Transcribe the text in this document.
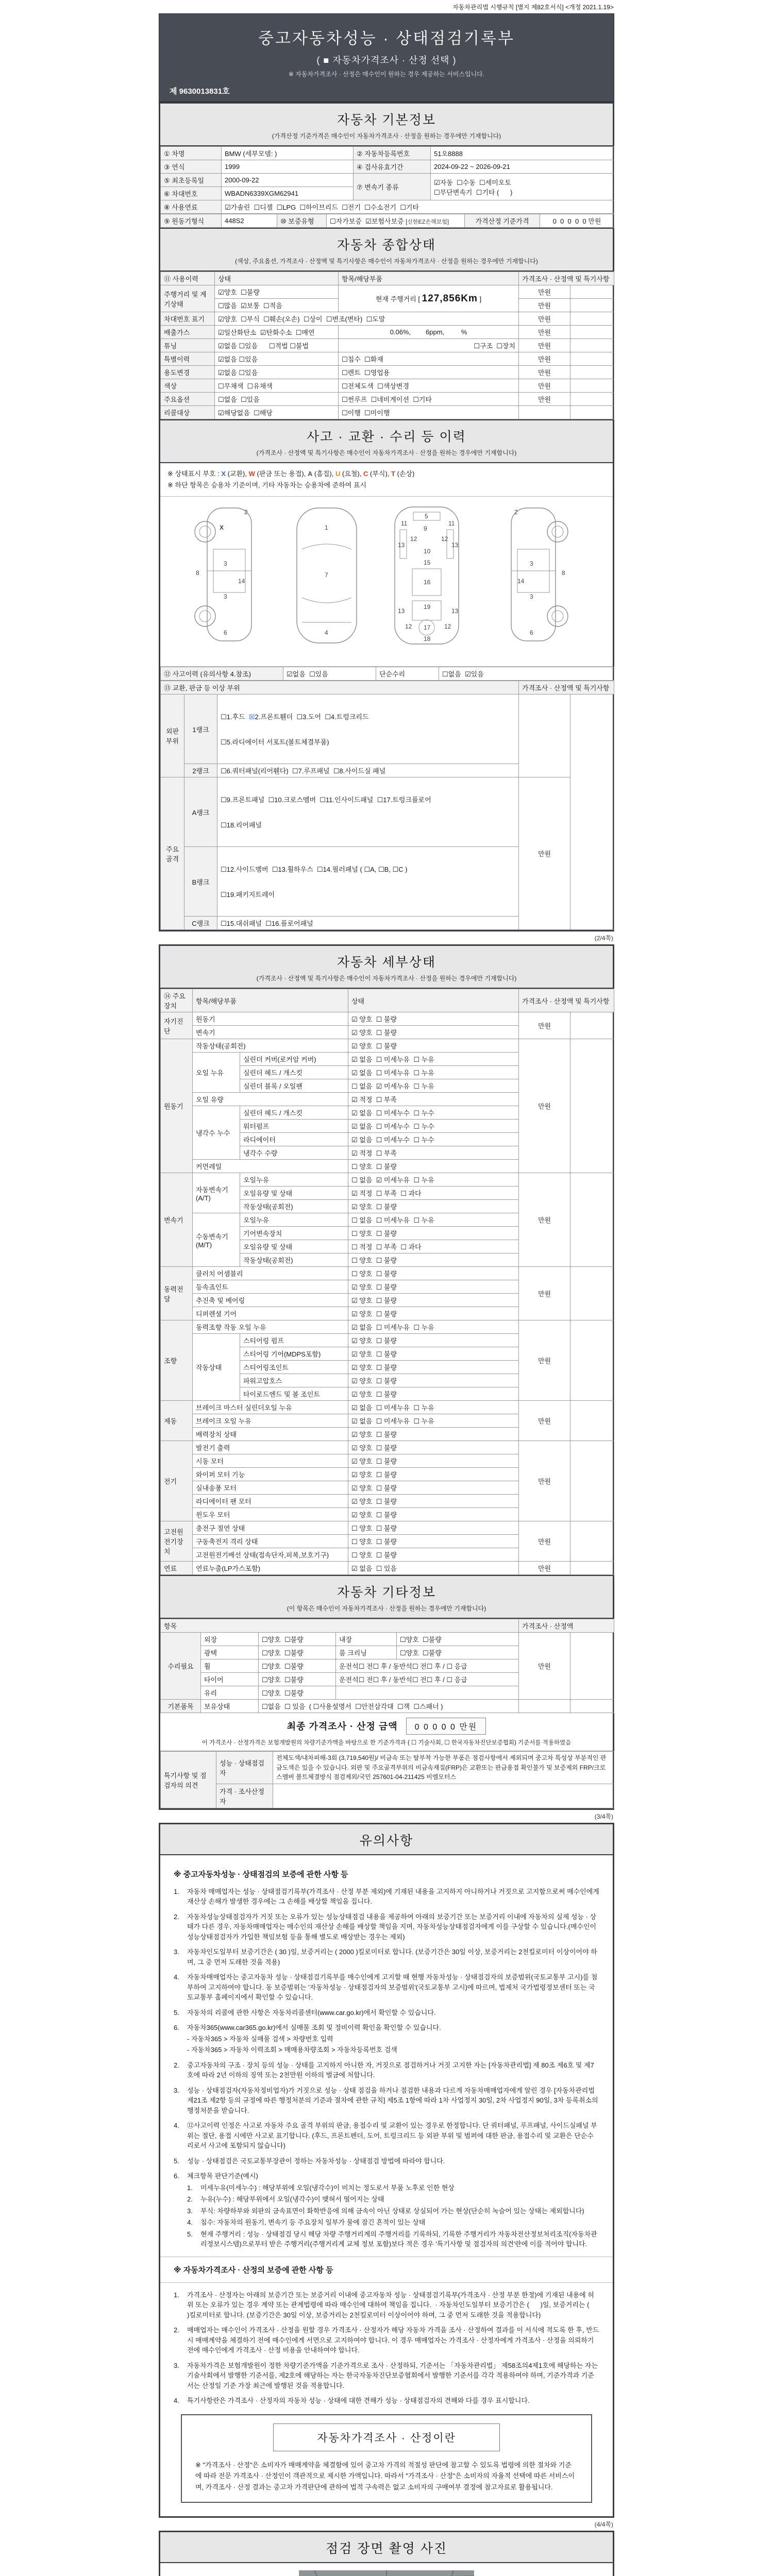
자동차관리법 시행규칙 [별지 제82호서식] <개정 2021.1.19>
중고자동차성능 · 상태점검기록부
( ■ 자동차가격조사 · 산정 선택 )
※ 자동차가격조사 · 산정은 매수인이 원하는 경우 제공하는 서비스입니다.
제 9630013831호
자동차 기본정보
(가격산정 기준가격은 매수인이 자동차가격조사 · 산정을 원하는 경우에만 기재합니다)
① 차명	BMW (세부모델: )	② 자동차등록번호	51오8888
③ 연식	1999	④ 검사유효기간	2024-09-22 ~ 2026-09-21
⑤ 최초등록일	2000-09-22	⑦ 변속기 종류	☑자동  ☐수동  ☐세미오토
☐무단변속기  ☐기타 (      )

⑥ 차대번호	WBADN6339XGM62941		
⑧ 사용연료	☑가솔린  ☐디젤  ☐LPG  ☐하이브리드  ☐전기  ☐수소전기  ☐기타		
⑨ 원동기형식	448S2	⑩ 보증유형	☐자가보증  ☑보험사보증 [신한EZ손해보험]	가격산정 기준가격	0  0  0  0  0 만원
자동차 종합상태
(색상, 주요옵션, 가격조사 · 산정액 및 특기사항은 매수인이 자동차가격조사 · 산정을 원하는 경우에만 기재합니다)
⑪ 사용이력	상태	항목/해당부품	가격조사 · 산정액 및 특기사항	
주행거리 및 계기상태	☑양호  ☐불량	현재 주행거리 [ 127,856Km ]	만원	
	☐많음  ☑보통  ☐적음		만원	
차대번호 표기	☑양호  ☐부식  ☐훼손(오손)  ☐상이  ☐변조(변타)  ☐도말		만원	
배출가스	☑일산화탄소  ☑탄화수소  ☐매연	0.06%,        6ppm,         %	만원	
튜닝	☑없음 ☐있음      ☐적법 ☐불법	☐구조  ☐장치	만원	
특별이력	☑없음 ☐있음	☐침수  ☐화재	만원	
용도변경	☑없음 ☐있음	☐렌트  ☐영업용	만원	
색상	☐무채색  ☐유채색	☐전체도색  ☐색상변경	만원	
주요옵션	☐없음  ☐있음	☐썬루프  ☐네비게이션  ☐기타	만원	
리콜대상	☑해당없음  ☐해당	☐이행  ☐미이행		
사고 · 교환 · 수리 등 이력
(가격조사 · 산정액 및 특기사항은 매수인이 자동차가격조사 · 산정을 원하는 경우에만 기재합니다)
※ 상태표시 부호 : X (교환), W (판금 또는 용접), A (흠집), U (요철), C (부식), T (손상)
※ 하단 항목은 승용차 기준이며, 기타 자동차는 승용차에 준하여 표시
X
2
8
3
3
14
6
1
7
4
5
9
11	11
13
12	12
13
10
15
16
13
19
13
12 17 12
18
2
8
3
3
14
6
⑫ 사고이력 (유의사항 4.참조)	☑없음  ☐있음	단순수리	☐없음  ☑있음
⑬ 교환, 판금 등 이상 부위			가격조사 · 산정액 및 특기사항	
외판부위	1랭크	☐1.후드  ☒2.프론트휀더  ☐3.도어  ☐4.트렁크리드

☐5.라디에이터 서포트(볼트체결부품)		

	2랭크	☐6.쿼터패널(리어휀다)  ☐7.루프패널  ☐8.사이드실 패널		
주요골격	A랭크	☐9.프론트패널  ☐10.크로스멤버  ☐11.인사이드패널  ☐17.트렁크플로어

☐18.리어패널	만원	
	B랭크	☐12.사이드멤버  ☐13.휠하우스  ☐14.필러패널 ( ☐A, ☐B, ☐C )

☐19.패키지트레이		

	C랭크	☐15.대쉬패널  ☐16.플로어패널		
(2/4쪽)
자동차 세부상태
(가격조사 · 산정액 및 특기사항은 매수인이 자동차가격조사 · 산정을 원하는 경우에만 기재합니다)
⑭ 주요장치	항목/해당부품		상태	가격조사 · 산정액 및 특기사항	
자기진단	원동기		☑ 양호  ☐ 불량	만원	
	변속기		☑ 양호  ☐ 불량		
원동기	작동상태(공회전)		☑ 양호  ☐ 불량	만원	
	오일 누유	실린더 커버(로커암 커버)	☑ 없음  ☐ 미세누유  ☐ 누유		
		실린더 헤드 / 개스킷	☑ 없음  ☐ 미세누유  ☐ 누유		
		실린더 블록 / 오일팬	☐ 없음  ☑ 미세누유  ☐ 누유		
	오일 유량		☑ 적정  ☐ 부족		
	냉각수 누수	실린더 헤드 / 개스킷	☑ 없음  ☐ 미세누수  ☐ 누수		
		워터펌프	☑ 없음  ☐ 미세누수  ☐ 누수		
		라디에이터	☑ 없음  ☐ 미세누수  ☐ 누수		
		냉각수 수량	☑ 적정  ☐ 부족		
	커먼레일		☐ 양호  ☐ 불량		
변속기	자동변속기 (A/T)	오일누유	☐ 없음  ☑ 미세누유  ☐ 누유	만원	
		오일유량 및 상태	☑ 적정  ☐ 부족  ☐ 과다		
		작동상태(공회전)	☑ 양호  ☐ 불량		
	수동변속기 (M/T)	오일누유	☐ 없음  ☐ 미세누유  ☐ 누유		
		기어변속장치	☐ 양호  ☐ 불량		
		오일유량 및 상태	☐ 적정  ☐ 부족  ☐ 과다		
		작동상태(공회전)	☐ 양호  ☐ 불량		
동력전달	클러치 어셈블리		☐ 양호  ☐ 불량	만원	
	등속죠인트		☑ 양호  ☐ 불량		
	추진축 및 베어링		☑ 양호  ☐ 불량		
	디퍼렌셜 기어		☑ 양호  ☐ 불량		
조향	동력조향 작동 오일 누유		☑ 없음  ☐ 미세누유  ☐ 누유	만원	
	작동상태	스티어링 펌프	☑ 양호  ☐ 불량		
		스티어링 기어(MDPS포함)	☑ 양호  ☐ 불량		
		스티어링조인트	☑ 양호  ☐ 불량		
		파워고압호스	☑ 양호  ☐ 불량		
		타이로드엔드 및 볼 조인트	☑ 양호  ☐ 불량		
제동	브레이크 마스터 실린더오일 누유		☑ 없음  ☐ 미세누유  ☐ 누유	만원	
	브레이크 오일 누유		☑ 없음  ☐ 미세누유  ☐ 누유		
	배력장치 상태		☑ 양호  ☐ 불량		
전기	발전기 출력		☑ 양호  ☐ 불량	만원	
	시동 모터		☑ 양호  ☐ 불량		
	와이퍼 모터 기능		☑ 양호  ☐ 불량		
	실내송풍 모터		☑ 양호  ☐ 불량		
	라디에이터 팬 모터		☑ 양호  ☐ 불량		
	윈도우 모터		☑ 양호  ☐ 불량		
고전원 전기장치	충전구 절연 상태		☐ 양호  ☐ 불량	만원	
	구동축전지 격리 상태		☐ 양호  ☐ 불량		
	고전원전기배선 상태(접속단자,피복,보호기구)		☐ 양호  ☐ 불량		
연료	연료누출(LP가스포함)		☑ 없음  ☐ 있음	만원	
자동차 기타정보
(이 항목은 매수인이 자동차가격조사 · 산정을 원하는 경우에만 기재합니다)
항목					가격조사 · 산정액	
수리필요	외장	☐양호  ☐불량	내장	☐양호  ☐불량	만원	
	광택	☐양호  ☐불량	룸 크리닝	☐양호  ☐불량		
	휠	☐양호  ☐불량	운전석☐ 전☐ 후 / 동반석☐ 전☐ 후 / ☐ 응급			
	타이어	☐양호  ☐불량	운전석☐ 전☐ 후 / 동반석☐ 전☐ 후 / ☐ 응급			
	유리	☐양호  ☐불량				
기본품목	보유상태	☐없음  ☐ 있음  ( ☐사용설명서  ☐안전삼각대  ☐잭  ☐스패너 )				
최종 가격조사 · 산정 금액 0 0 0 0 0 만원
이 가격조사 · 산정가격은 보험개발원의 차량기준가액을 바탕으로 한 기준가격과 ( ☐ 기술사회, ☐ 한국자동차진단보증협회) 기준서를 적용하였음
특기사항 및 점검자의 의견	성능 · 상태점검자	전체도색/내차피해-3회 (3,719,540원)/ 비금속 또는 탈부착 가능한 부품은 점검사항에서 제외되며 중고차 특성상 부분적인 판금도색은 있을 수 있습니다. 외판 및 주요골격부위의 비금속재질(FRP)은 교환또는 판금용접 확인불가 및 보증제외 FRP/크로스멤버 볼트체결방식 점검제외/국민 257601-04-211425 비엠모터스
	가격 · 조사산정자	
(3/4쪽)
유의사항
※ 중고자동차성능 · 상태점검의 보증에 관한 사항 등
1.	자동차 매매업자는 성능 · 상태점검기록부(가격조사 · 산정 부분 제외)에 기재된 내용을 고지하지 아니하거나 거짓으로 고지함으로써 매수인에게 재산상 손해가 발생한 경우에는 그 손해를 배상할 책임을 집니다.
2.	자동차성능상태점검자가 거짓 또는 오류가 있는 성능상태점검 내용을 제공하여 아래의 보증기간 또는 보증거리 이내에 자동차의 실제 성능 · 상태가 다른 경우, 자동차매매업자는 매수인의 재산상 손해를 배상할 책임을 지며, 자동차성능상태점검자에게 이를 구상할 수 있습니다.(매수인이 성능상태점검자가 가입한 책임보험 등을 통해 별도로 배상받는 경우는 제외)
3.	자동차인도일부터 보증기간은 ( 30 )일, 보증거리는 ( 2000 )킬로미터로 합니다. (보증기간은 30일 이상, 보증거리는 2천킬로미터 이상이어야 하며, 그 중 먼저 도래한 것을 적용)
4.	자동차매매업자는 중고자동차 성능 · 상태점검기록부를 매수인에게 고지할 때 현행 자동차성능 · 상태점검자의 보증범위(국토교통부 고시)를 첨부하여 고지하여야 합니다. 동 보증범위는 '자동차성능 · 상태점검자의 보증범위'(국토교통부 고시)에 따르며, 법제처 국가법령정보센터 또는 국토교통부 홈페이지에서 확인할 수 있습니다.
5.	자동차의 리콜에 관한 사항은 자동차리콜센터(www.car.go.kr)에서 확인할 수 있습니다.
6.	자동차365(www.car365.go.kr)에서 실매물 조회 및 정비이력 확인을 확인할 수 있습니다.
- 자동차365 > 자동차 실매물 검색 > 차량번호 입력
- 자동차365 > 자동차 이력조회 > 매매용차량조회 > 자동차등록번호 검색
2.	중고자동차의 구조 · 장치 등의 성능 · 상태를 고지하지 아니한 자, 거짓으로 점검하거나 거짓 고지한 자는 [자동차관리법] 제 80조 제6호 및 제7호에 따라 2년 이하의 징역 또는 2천만원 이하의 벌금에 처합니다.
3.	성능 · 상태점검자(자동차정비업자)가 거짓으로 성능 · 상태 점검을 하거나 점검한 내용과 다르게 자동차매매업자에게 알린 경우 [자동차관리법 제21조 제2항 등의 규정에 따른 행정처분의 기준과 절차에 관한 규칙] 제5조 1항에 따라 1차 사업정지 30일, 2차 사업정지 90일, 3차 등록취소의 행정처분을 받습니다.
4.	⑫사고이력 인정은 사고로 자동차 주요 골격 부위의 판금, 용접수리 및 교환이 있는 경우로 한정합니다. 단 쿼터패널, 루프패널, 사이드실패널 부위는 절단, 용접 시에만 사고로 표기합니다. (후드, 프론트펜더, 도어, 트렁크리드 등 외판 부위 및 범퍼에 대한 판금, 용접수리 및 교환은 단순수리로서 사고에 포함되지 않습니다)
5.	성능 · 상태점검은 국토교통부장관이 정하는 자동차성능 · 상태점검 방법에 따라야 합니다.
6.	체크항목 판단기준(예시)
1.	미세누유(미세누수) : 해당부위에 오일(냉각수)이 비치는 정도로서 부품 노후로 인한 현상
2.	누유(누수) : 해당부위에서 오일(냉각수)이 맺혀서 떨어지는 상태
3.	부식: 차량하부와 외판의 금속표면이 화학반응에 의해 금속이 아닌 상태로 상실되어 가는 현상(단순히 녹슬어 있는 상태는 제외합니다)
4.	침수: 자동차의 원동기, 변속기 등 주요장치 일부가 물에 잠긴 흔적이 있는 상태
5.	현재 주행거리 : 성능 · 상태점검 당시 해당 차량 주행거리계의 주행거리를 기록하되, 기록한 주행거리가 자동차전산정보처리조직(자동차관리정보시스템)으로부터 받은 주행거리(주행거리계 교체 정보 포함)보다 적은 경우 '특기사항 및 점검자의 의견'란에 이를 적어야 합니다.
※ 자동차가격조사 · 산정의 보증에 관한 사항 등
1.	가격조사 · 산정자는 아래의 보증기간 또는 보증거리 이내에 중고자동차 성능 · 상태점검기록부(가격조사 · 산정 부분 한정)에 기재된 내용에 허위 또는 오류가 있는 경우 계약 또는 관계법령에 따라 매수인에 대하여 책임을 집니다.  · 자동차인도일부터 보증기간은 (      )일, 보증거리는 (      )킬로미터로 합니다. (보증기간은 30일 이상, 보증거리는 2천킬로미터 이상이어야 하며, 그 중 먼저 도래한 것을 적용합니다)
2.	매매업자는 매수인이 가격조사 · 산정을 원할 경우 가격조사 · 산정자가 해당 자동차 가격을 조사 · 산정하여 결과를 이 서식에 적도록 한 후, 반드시 매매계약을 체결하기 전에 매수인에게 서면으로 고지하여야 합니다. 이 경우 매매업자는 가격조사 · 산정자에게 가격조사 · 산정을 의뢰하기 전에 매수인에게 가격조사 · 산정 비용을 안내하여야 합니다.
3.	자동차가격은 보험개발원이 정한 차량기준가액을 기준가격으로 조사 · 산정하되, 기준서는 「자동차관리법」 제58조의4제1호에 해당하는 자는 기술사회에서 발행한 기준서를, 제2호에 해당하는 자는 한국자동차진단보증협회에서 발행한 기준서를 각각 적용하여야 하며, 기준가격과 기준서는 산정일 기준 가장 최근에 발행된 것을 적용합니다.
4.	특기사항란은 가격조사 · 산정자의 자동차 성능 · 상태에 대한 견해가 성능 · 상태점검자의 견해와 다를 경우 표시합니다.
자동차가격조사 · 산정이란
※ "가격조사 · 산정"은 소비자가 매매계약을 체결함에 있어 중고차 가격의 적절성 판단에 참고할 수 있도록 법령에 의한 절차와 기준에 따라 전문 가격조사 · 산정인이 객관적으로 제시한 가액입니다. 따라서 "가격조사 · 산정"은 소비자의 자율적 선택에 따른 서비스이며, 가격조사 · 산정 결과는 중고차 가격판단에 관하여 법적 구속력은 없고 소비자의 구매여부 결정에 참고자료로 활용됩니다.
(4/4쪽)
점검 장면 촬영 사진
